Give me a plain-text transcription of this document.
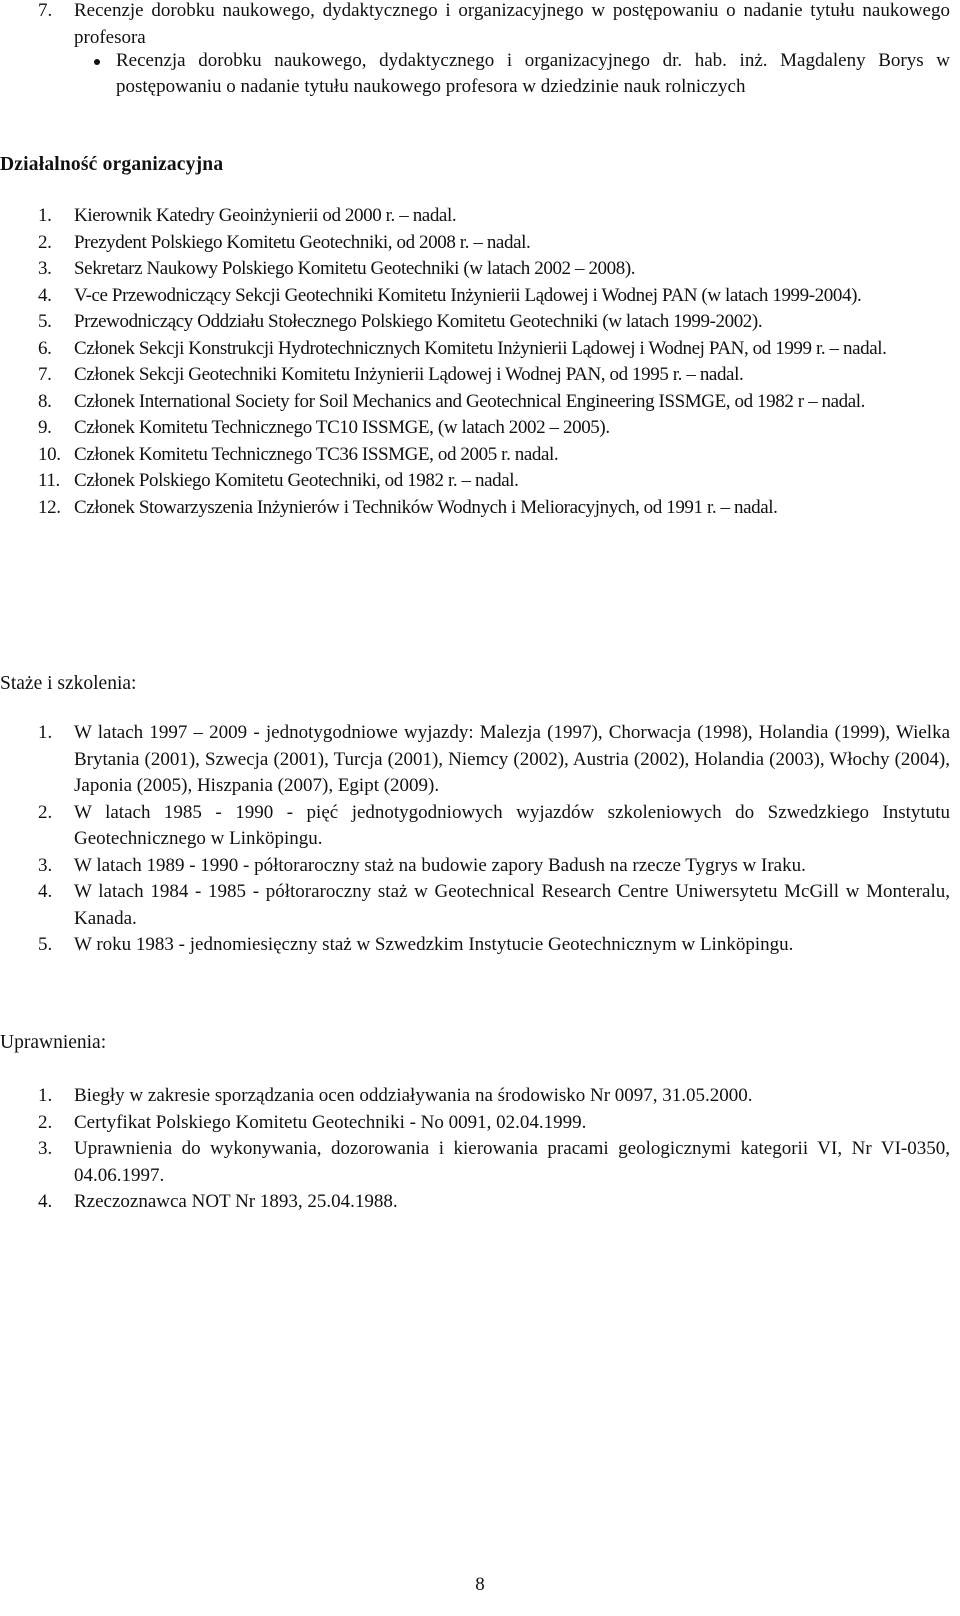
7. Recenzje dorobku naukowego, dydaktycznego i organizacyjnego w postępowaniu o nadanie tytułu naukowego profesora
Recenzja dorobku naukowego, dydaktycznego i organizacyjnego dr. hab. inż. Magdaleny Borys w postępowaniu o nadanie tytułu naukowego profesora w dziedzinie nauk rolniczych
Działalność organizacyjna
1. Kierownik Katedry Geoinżynierii od 2000 r. – nadal.
2. Prezydent Polskiego Komitetu Geotechniki, od 2008 r. – nadal.
3. Sekretarz Naukowy Polskiego Komitetu Geotechniki (w latach 2002 – 2008).
4. V-ce Przewodniczący Sekcji Geotechniki Komitetu Inżynierii Lądowej i Wodnej PAN (w latach 1999-2004).
5. Przewodniczący Oddziału Stołecznego Polskiego Komitetu Geotechniki (w latach 1999-2002).
6. Członek Sekcji Konstrukcji Hydrotechnicznych Komitetu Inżynierii Lądowej i Wodnej PAN, od 1999 r. – nadal.
7. Członek Sekcji Geotechniki Komitetu Inżynierii Lądowej i Wodnej PAN, od 1995 r. – nadal.
8. Członek International Society for Soil Mechanics and Geotechnical Engineering ISSMGE, od 1982 r – nadal.
9. Członek Komitetu Technicznego TC10 ISSMGE, (w latach 2002 – 2005).
10. Członek Komitetu Technicznego TC36 ISSMGE, od 2005 r. nadal.
11. Członek Polskiego Komitetu Geotechniki, od 1982 r. – nadal.
12. Członek Stowarzyszenia Inżynierów i Techników Wodnych i Melioracyjnych, od 1991 r. – nadal.
Staże i szkolenia:
1. W latach 1997 – 2009 - jednotygodniowe wyjazdy: Malezja (1997), Chorwacja (1998), Holandia (1999), Wielka Brytania (2001), Szwecja (2001), Turcja (2001), Niemcy (2002), Austria (2002), Holandia (2003), Włochy (2004), Japonia (2005), Hiszpania (2007), Egipt (2009).
2. W latach 1985 - 1990 - pięć jednotygodniowych wyjazdów szkoleniowych do Szwedzkiego Instytutu Geotechnicznego w Linköpingu.
3. W latach 1989 - 1990 - półtoraroczny staż na budowie zapory Badush na rzecze Tygrys w Iraku.
4. W latach 1984 - 1985 - półtoraroczny staż w Geotechnical Research Centre Uniwersytetu McGill w Monteralu, Kanada.
5. W roku 1983 - jednomiesięczny staż w Szwedzkim Instytucie Geotechnicznym w Linköpingu.
Uprawnienia:
1. Biegły w zakresie sporządzania ocen oddziaływania na środowisko Nr 0097, 31.05.2000.
2. Certyfikat Polskiego Komitetu Geotechniki - No 0091, 02.04.1999.
3. Uprawnienia do wykonywania, dozorowania i kierowania pracami geologicznymi kategorii VI, Nr VI-0350, 04.06.1997.
4. Rzeczoznawca NOT Nr 1893, 25.04.1988.
8
